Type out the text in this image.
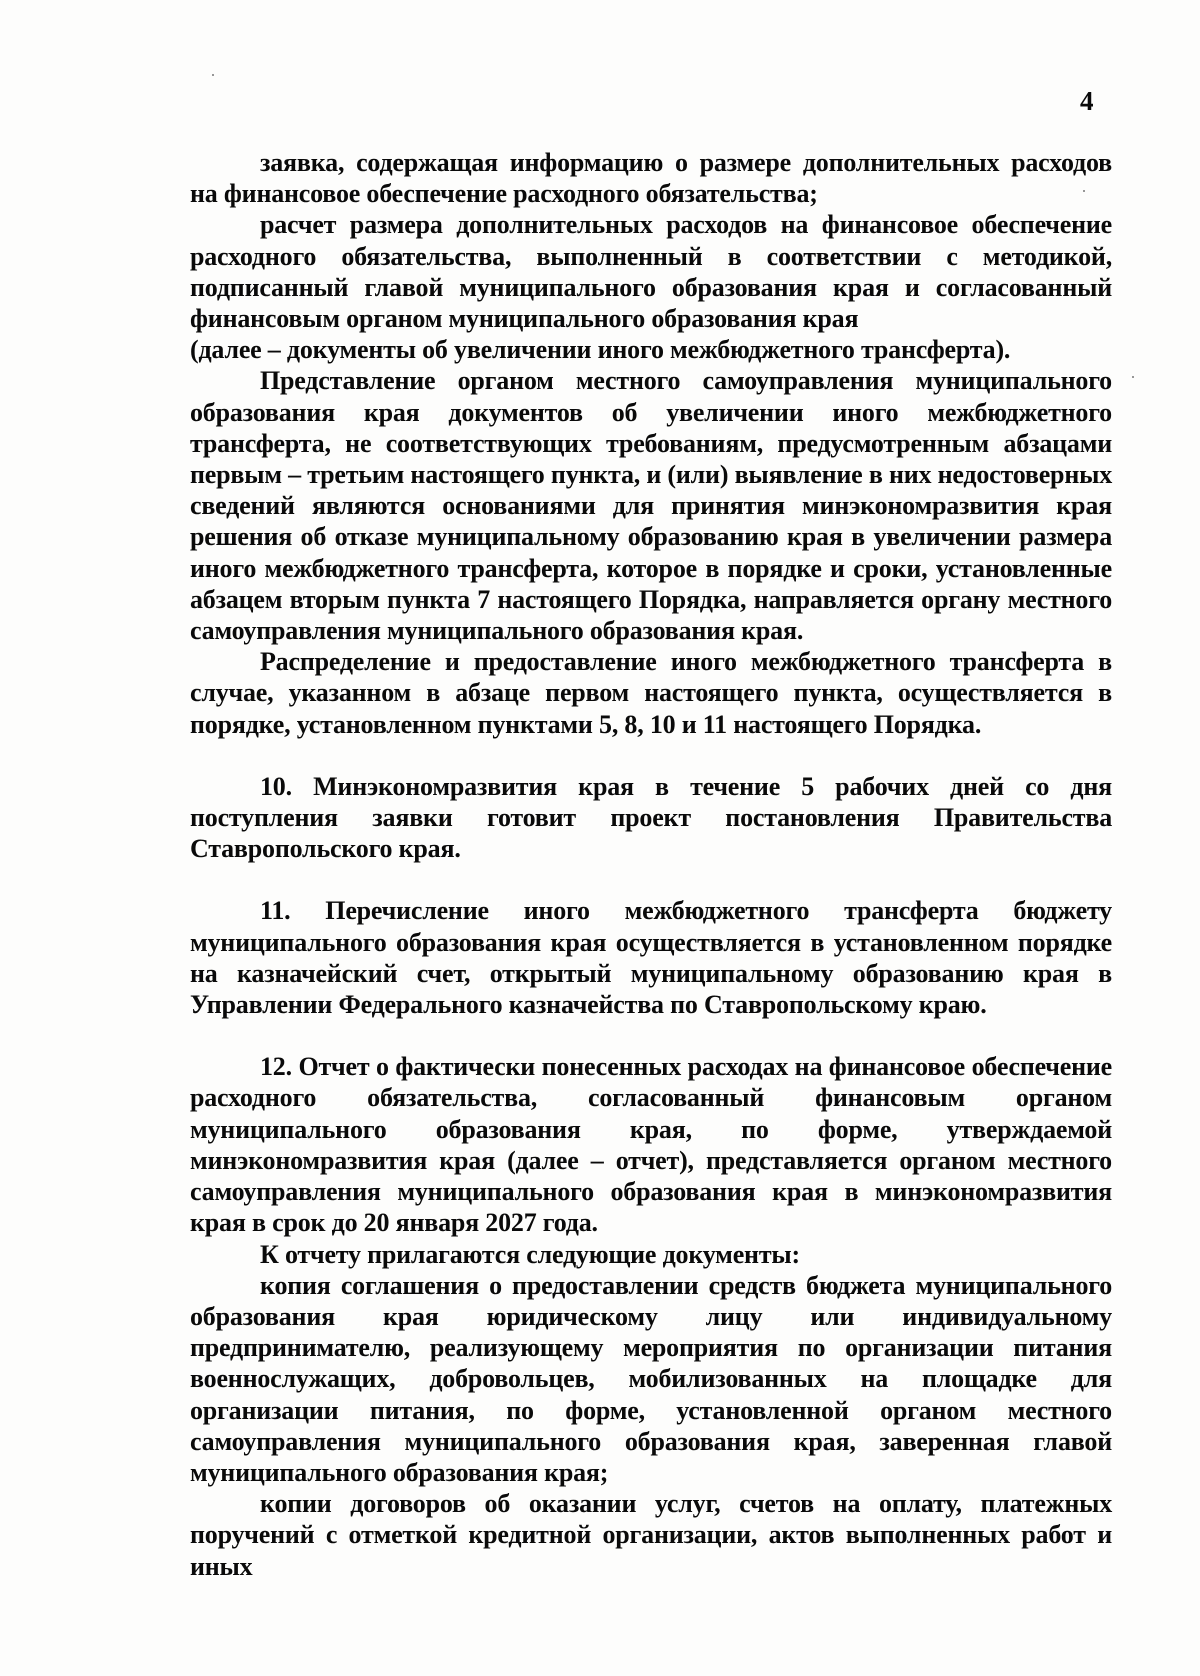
4

заявка, содержащая информацию о размере дополнительных расходов на финансовое обеспечение расходного обязательства;

расчет размера дополнительных расходов на финансовое обеспечение расходного обязательства, выполненный в соответствии с методикой, подписанный главой муниципального образования края и согласованный финансовым органом муниципального образования края

(далее – документы об увеличении иного межбюджетного трансферта).

Представление органом местного самоуправления муниципального образования края документов об увеличении иного межбюджетного трансферта, не соответствующих требованиям, предусмотренным абзацами первым – третьим настоящего пункта, и (или) выявление в них недостоверных сведений являются основаниями для принятия минэкономразвития края решения об отказе муниципальному образованию края в увеличении размера иного межбюджетного трансферта, которое в порядке и сроки, установленные абзацем вторым пункта 7 настоящего Порядка, направляется органу местного самоуправления муниципального образования края.

Распределение и предоставление иного межбюджетного трансферта в случае, указанном в абзаце первом настоящего пункта, осуществляется в порядке, установленном пунктами 5, 8, 10 и 11 настоящего Порядка.

10. Минэкономразвития края в течение 5 рабочих дней со дня поступления заявки готовит проект постановления Правительства Ставропольского края.

11. Перечисление иного межбюджетного трансферта бюджету муниципального образования края осуществляется в установленном порядке на казначейский счет, открытый муниципальному образованию края в Управлении Федерального казначейства по Ставропольскому краю.

12. Отчет о фактически понесенных расходах на финансовое обеспечение расходного обязательства, согласованный финансовым органом муниципального образования края, по форме, утверждаемой минэкономразвития края (далее – отчет), представляется органом местного самоуправления муниципального образования края в минэкономразвития края в срок до 20 января 2027 года.

К отчету прилагаются следующие документы:

копия соглашения о предоставлении средств бюджета муниципального образования края юридическому лицу или индивидуальному предпринимателю, реализующему мероприятия по организации питания военнослужащих, добровольцев, мобилизованных на площадке для организации питания, по форме, установленной органом местного самоуправления муниципального образования края, заверенная главой муниципального образования края;

копии договоров об оказании услуг, счетов на оплату, платежных поручений с отметкой кредитной организации, актов выполненных работ и иных
